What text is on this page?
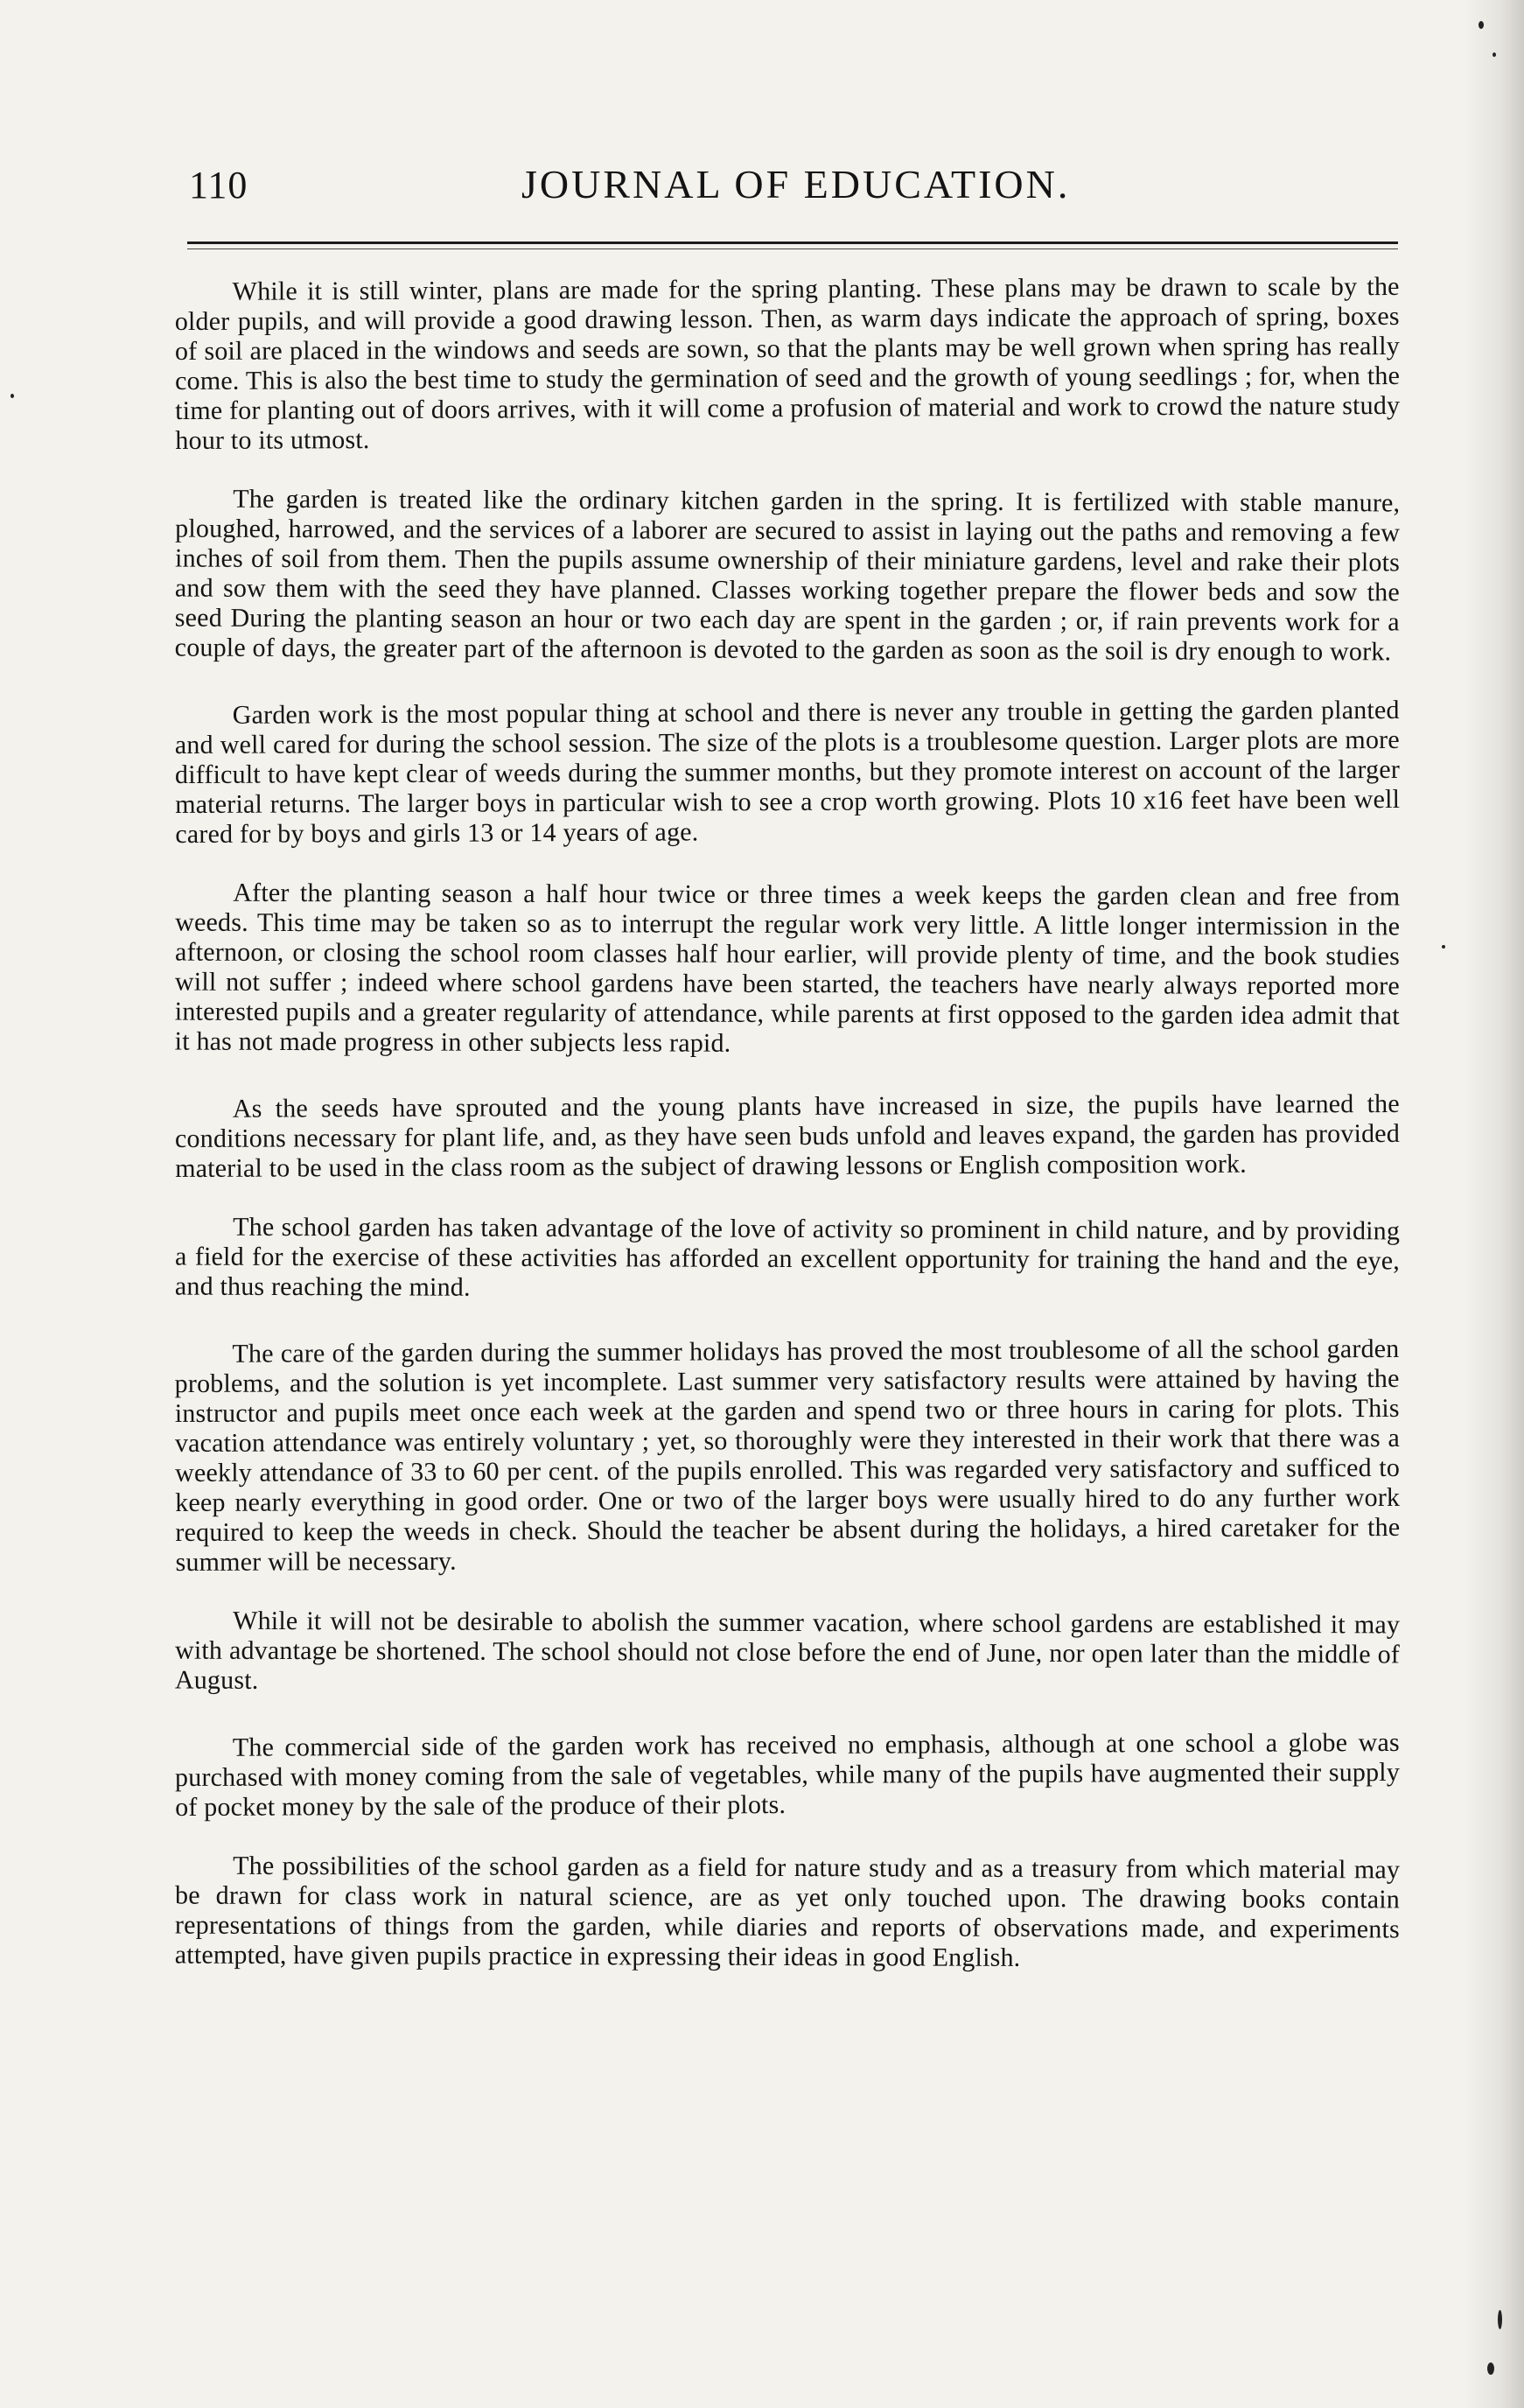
110	JOURNAL OF EDUCATION.

While it is still winter, plans are made for the spring planting. These plans may be drawn to scale by the older pupils, and will provide a good drawing lesson. Then, as warm days indicate the approach of spring, boxes of soil are placed in the windows and seeds are sown, so that the plants may be well grown when spring has really come. This is also the best time to study the germination of seed and the growth of young seedlings ; for, when the time for planting out of doors arrives, with it will come a profusion of material and work to crowd the nature study hour to its utmost.

The garden is treated like the ordinary kitchen garden in the spring. It is fertilized with stable manure, ploughed, harrowed, and the services of a laborer are secured to assist in laying out the paths and removing a few inches of soil from them. Then the pupils assume ownership of their miniature gardens, level and rake their plots and sow them with the seed they have planned. Classes working together prepare the flower beds and sow the seed During the planting season an hour or two each day are spent in the garden ; or, if rain prevents work for a couple of days, the greater part of the afternoon is devoted to the garden as soon as the soil is dry enough to work.

Garden work is the most popular thing at school and there is never any trouble in getting the garden planted and well cared for during the school session. The size of the plots is a troublesome question. Larger plots are more difficult to have kept clear of weeds during the summer months, but they promote interest on account of the larger material returns. The larger boys in particular wish to see a crop worth growing. Plots 10 x16 feet have been well cared for by boys and girls 13 or 14 years of age.

After the planting season a half hour twice or three times a week keeps the garden clean and free from weeds. This time may be taken so as to interrupt the regular work very little. A little longer intermission in the afternoon, or closing the school room classes half hour earlier, will provide plenty of time, and the book studies will not suffer ; indeed where school gardens have been started, the teachers have nearly always reported more interested pupils and a greater regularity of attendance, while parents at first opposed to the garden idea admit that it has not made progress in other subjects less rapid.

As the seeds have sprouted and the young plants have increased in size, the pupils have learned the conditions necessary for plant life, and, as they have seen buds unfold and leaves expand, the garden has provided material to be used in the class room as the subject of drawing lessons or English composition work.

The school garden has taken advantage of the love of activity so prominent in child nature, and by providing a field for the exercise of these activities has afforded an excellent opportunity for training the hand and the eye, and thus reaching the mind.

The care of the garden during the summer holidays has proved the most troublesome of all the school garden problems, and the solution is yet incomplete. Last summer very satisfactory results were attained by having the instructor and pupils meet once each week at the garden and spend two or three hours in caring for plots. This vacation attendance was entirely voluntary ; yet, so thoroughly were they interested in their work that there was a weekly attendance of 33 to 60 per cent. of the pupils enrolled. This was regarded very satisfactory and sufficed to keep nearly everything in good order. One or two of the larger boys were usually hired to do any further work required to keep the weeds in check. Should the teacher be absent during the holidays, a hired caretaker for the summer will be necessary.

While it will not be desirable to abolish the summer vacation, where school gardens are established it may with advantage be shortened. The school should not close before the end of June, nor open later than the middle of August.

The commercial side of the garden work has received no emphasis, although at one school a globe was purchased with money coming from the sale of vegetables, while many of the pupils have augmented their supply of pocket money by the sale of the produce of their plots.

The possibilities of the school garden as a field for nature study and as a treasury from which material may be drawn for class work in natural science, are as yet only touched upon. The drawing books contain representations of things from the garden, while diaries and reports of observations made, and experiments attempted, have given pupils practice in expressing their ideas in good English.
